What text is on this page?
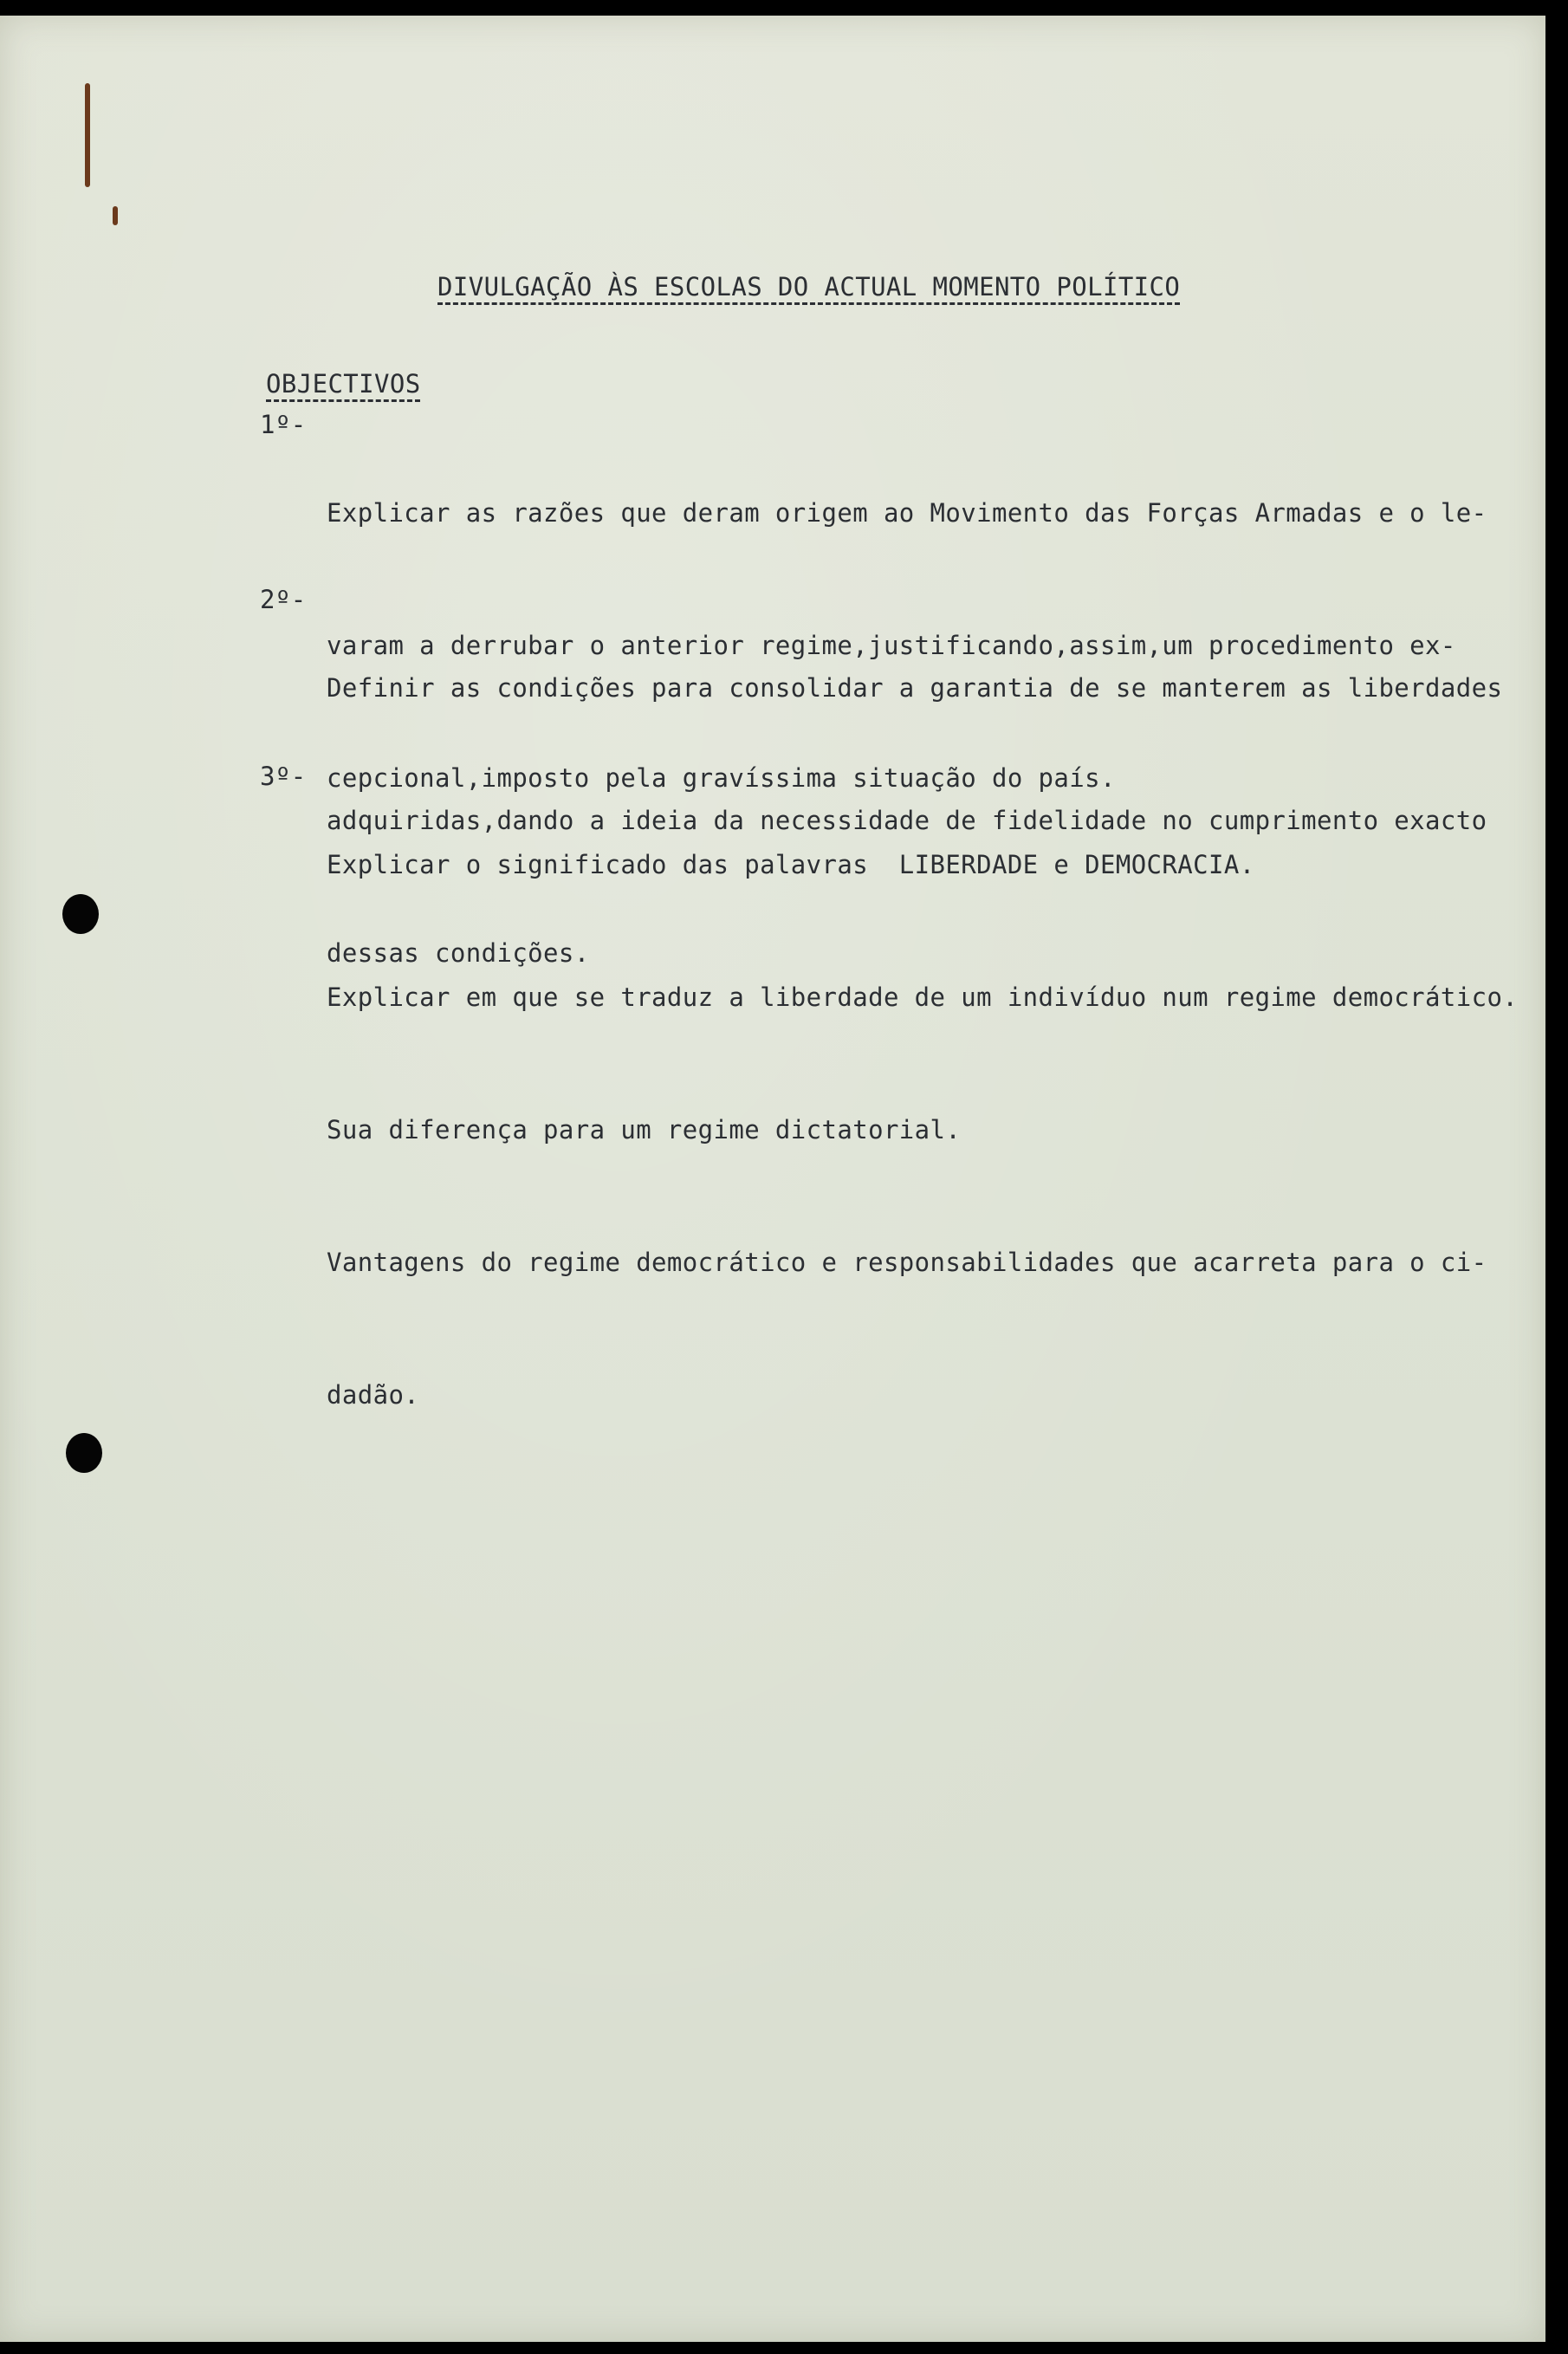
DIVULGAÇÃO ÀS ESCOLAS DO ACTUAL MOMENTO POLÍTICO
OBJECTIVOS

1º-

Explicar as razões que deram origem ao Movimento das Forças Armadas e o le-

varam a derrubar o anterior regime,justificando,assim,um procedimento ex-

cepcional,imposto pela gravíssima situação do país.

2º-

Definir as condições para consolidar a garantia de se manterem as liberdades

adquiridas,dando a ideia da necessidade de fidelidade no cumprimento exacto

dessas condições.

3º-

Explicar o significado das palavras  LIBERDADE e DEMOCRACIA.

Explicar em que se traduz a liberdade de um indivíduo num regime democrático.

Sua diferença para um regime dictatorial.

Vantagens do regime democrático e responsabilidades que acarreta para o ci-

dadão.
